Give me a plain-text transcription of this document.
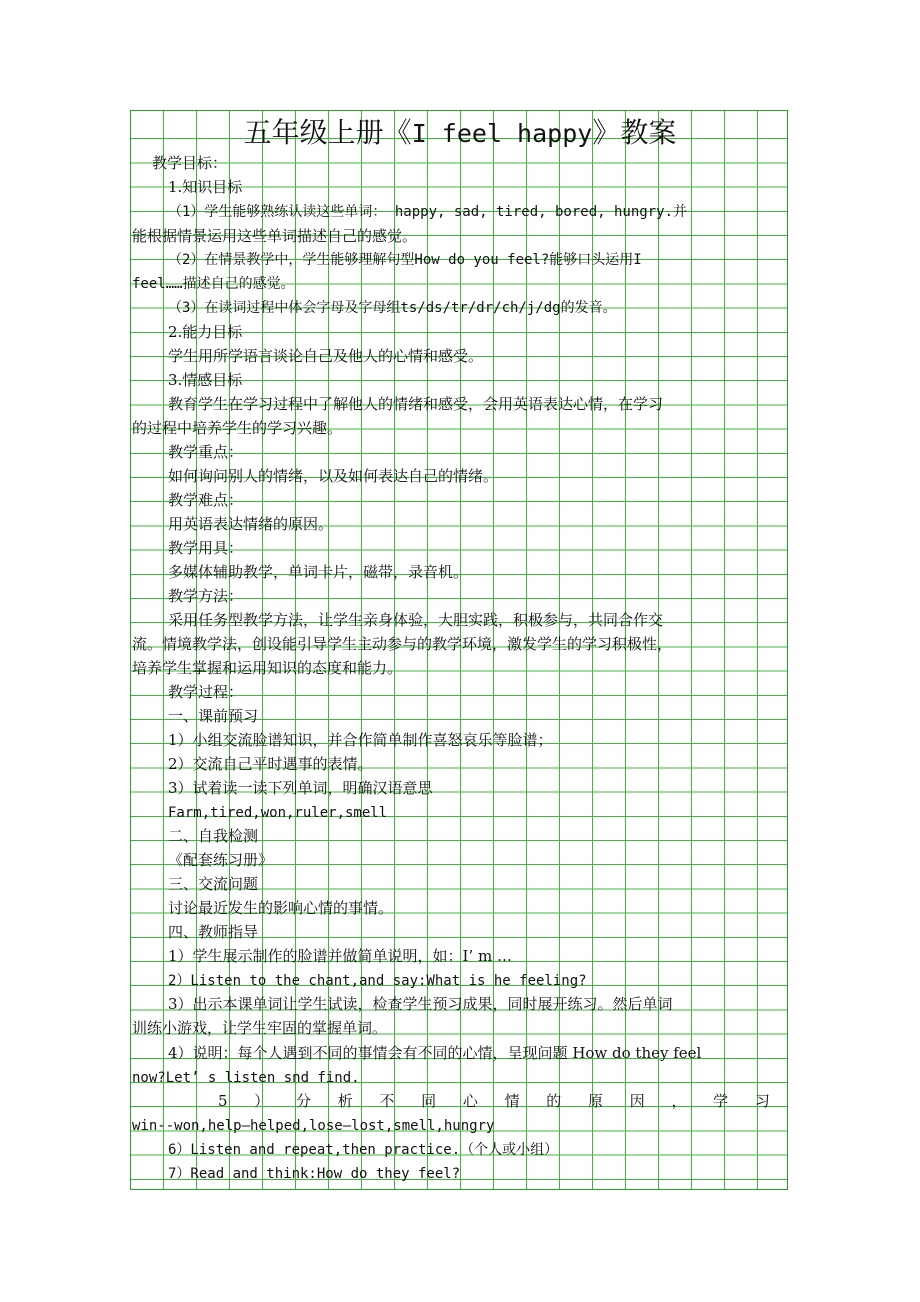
五年级上册《I feel happy》教案
教学目标：
1.知识目标
（1）学生能够熟练认读这些单词： happy, sad, tired, bored, hungry.并
能根据情景运用这些单词描述自己的感觉。
（2）在情景教学中，学生能够理解句型How do you feel?能够口头运用I
feel……描述自己的感觉。
（3）在读词过程中体会字母及字母组ts/ds/tr/dr/ch/j/dg的发音。
2.能力目标
学生用所学语言谈论自己及他人的心情和感受。
3.情感目标
教育学生在学习过程中了解他人的情绪和感受，会用英语表达心情，在学习
的过程中培养学生的学习兴趣。
教学重点：
如何询问别人的情绪，以及如何表达自己的情绪。
教学难点：
用英语表达情绪的原因。
教学用具：
多媒体辅助教学，单词卡片，磁带，录音机。
教学方法：
采用任务型教学方法，让学生亲身体验，大胆实践，积极参与，共同合作交
流。情境教学法，创设能引导学生主动参与的教学环境，激发学生的学习积极性，
培养学生掌握和运用知识的态度和能力。
教学过程：
一、课前预习
1）小组交流脸谱知识，并合作简单制作喜怒哀乐等脸谱；
2）交流自己平时遇事的表情。
3）试着读一读下列单词，明确汉语意思
Farm,tired,won,ruler,smell
二、自我检测
《配套练习册》
三、交流问题
讨论最近发生的影响心情的事情。
四、教师指导
1）学生展示制作的脸谱并做简单说明，如：I’ m …
2）Listen to the chant,and say:What is he feeling?
3）出示本课单词让学生试读，检查学生预习成果，同时展开练习。然后单词
训练小游戏，让学生牢固的掌握单词。
4）说明：每个人遇到不同的事情会有不同的心情，呈现问题 How do they feel
now?Let’ s listen snd find.
5 ） 分 析 不 同 心 情 的 原 因 ， 学 习
win--won,help—helped,lose—lost,smell,hungry
6）Listen and repeat,then practice.（个人或小组）
7）Read and think:How do they feel?
